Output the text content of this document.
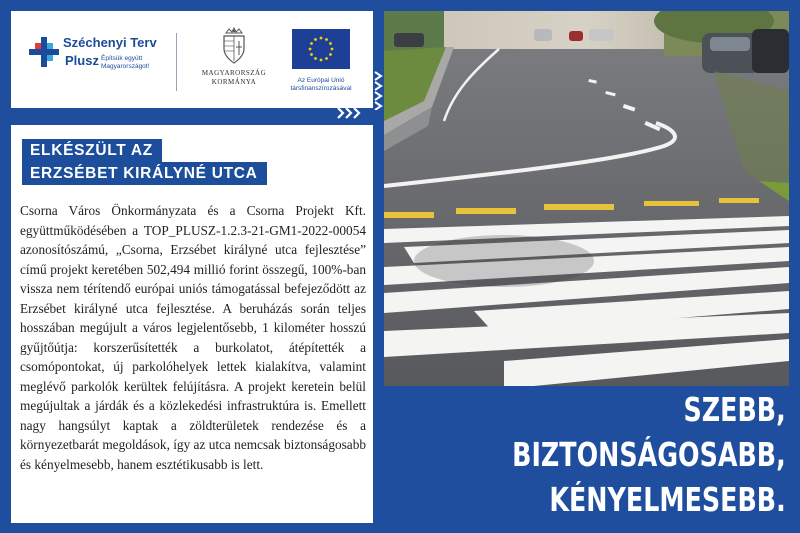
Széchenyi Terv
Plusz Építsük együtt Magyarországot!
MAGYARORSZÁG
KORMÁNYA	Az Európai Unió társfinanszírozásával
ELKÉSZÜLT AZ
ERZSÉBET KIRÁLYNÉ UTCA

Csorna Város Önkormányzata és a Csorna Projekt Kft. együttműködésében a TOP_PLUSZ-1.2.3-21-GM1-2022-00054 azonosítószámú, „Csorna, Erzsébet királyné utca fejlesztése” című projekt keretében 502,494 millió forint összegű, 100%-ban vissza nem térítendő európai uniós támogatással befejeződött az Erzsébet királyné utca fejlesztése. A beruházás során teljes hosszában megújult a város legjelentősebb, 1 kilométer hosszú gyűjtőútja: korszerűsítették a burkolatot, átépítették a csomópontokat, új parkolóhelyek lettek kialakítva, valamint meglévő parkolók kerültek felújításra. A projekt keretein belül megújultak a járdák és a közlekedési infrastruktúra is. Emellett nagy hangsúlyt kaptak a zöldterületek rendezése és a környezetbarát megoldások, így az utca nemcsak biztonságosabb és kényelmesebb, hanem esztétikusabb is lett.

SZEBB,
BIZTONSÁGOSABB,
KÉNYELMESEBB.
